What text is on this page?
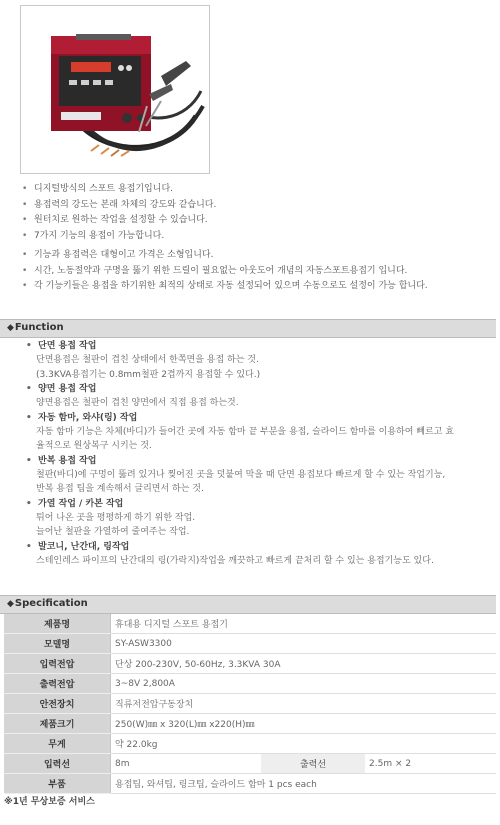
• 디지털방식의 스포트 용접기입니다.
• 용접력의 강도는 본래 차체의 강도와 같습니다.
• 원터치로 원하는 작업을 설정할 수 있습니다.
• 7가지 기능의 용접이 가능합니다.
• 기능과 용접력은 대형이고 가격은 소형입니다.
• 시간, 노동절약과 구명을 뚫기 위한 드릴이 필요없는 아웃도어 개념의 자동스포트용접기 입니다.
• 각 기능키들은 용접을 하기위한 최적의 상태로 자동 설정되어 있으며 수동으로도 설정이 가능 합니다.
◆Function
• 단면 용접 작업
단면용접은 철판이 겹친 상태에서 한쪽면을 용접 하는 것.
(3.3KVA용접기는 0.8mm철판 2겹까지 용접할 수 있다.)
• 양면 용접 작업
양면용접은 철판이 겹친 양면에서 직접 용접 하는것.
• 자동 함마, 와샤(링) 작업
자동 함마 기능은 차체(바디)가 들어간 곳에 자동 함마 끝 부분을 용접, 슬라이드 함마를 이용하여 빼르고 효
율적으로 원상복구 시키는 것.
• 반복 용접 작업
철판(바디)에 구멍이 뚫려 있거나 찢어진 곳을 덧붙여 막을 때 단면 용접보다 빠르게 할 수 있는 작업기능,
반복 용접 팁을 계속해서 글리면서 하는 것.
• 가열 작업 / 카본 작업
튀어 나온 곳을 평평하게 하기 위한 작업.
늘어난 철판을 가열하여 줄여주는 작업.
• 발코니, 난간대, 링작업
스테인레스 파이프의 난간대의 링(가락지)작업을 깨끗하고 빠르게 끝처리 할 수 있는 용접기능도 있다.
◆Specification
제품명	휴대용 디지털 스포트 용접기		
모델명	SY-ASW3300		
입력전압	단상 200-230V, 50-60Hz, 3.3KVA 30A		
출력전압	3~8V 2,800A		
안전장치	직류저전압구동장치		
제품크기	250(W)㎜ x 320(L)㎜ x220(H)㎜		
무게	약 22.0kg		
입력선	8m	출력선	2.5m × 2
부품	용접팁, 와셔팁, 링크팁, 슬라이드 함마 1 pcs each		
※1년 무상보증 서비스
